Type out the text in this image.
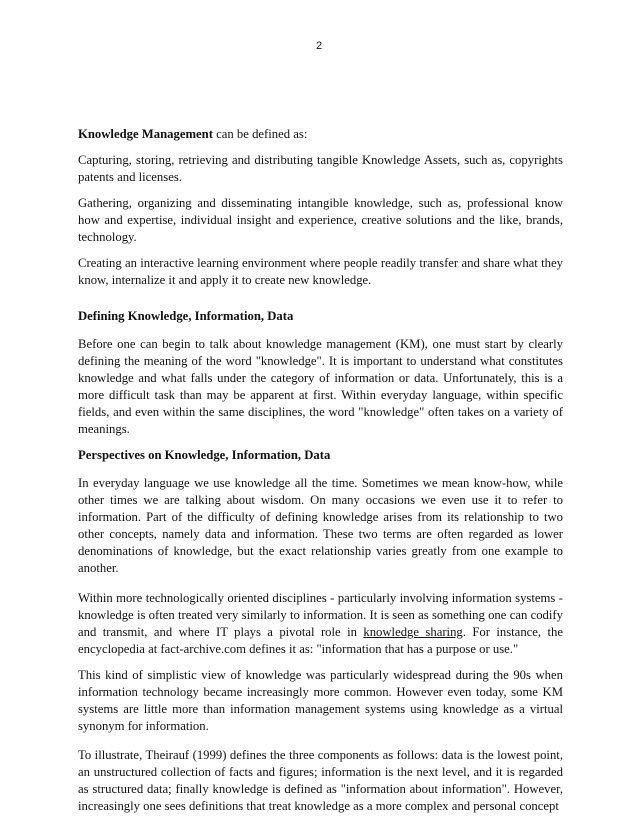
2

Knowledge Management can be defined as:

Capturing, storing, retrieving and distributing tangible Knowledge Assets, such as, copyrights patents and licenses.

Gathering, organizing and disseminating intangible knowledge, such as, professional know how and expertise, individual insight and experience, creative solutions and the like, brands, technology.

Creating an interactive learning environment where people readily transfer and share what they know, internalize it and apply it to create new knowledge.

Defining Knowledge, Information, Data

Before one can begin to talk about knowledge management (KM), one must start by clearly defining the meaning of the word "knowledge". It is important to understand what constitutes knowledge and what falls under the category of information or data. Unfortunately, this is a more difficult task than may be apparent at first. Within everyday language, within specific fields, and even within the same disciplines, the word "knowledge" often takes on a variety of meanings.

Perspectives on Knowledge, Information, Data

In everyday language we use knowledge all the time. Sometimes we mean know-how, while other times we are talking about wisdom. On many occasions we even use it to refer to information. Part of the difficulty of defining knowledge arises from its relationship to two other concepts, namely data and information. These two terms are often regarded as lower denominations of knowledge, but the exact relationship varies greatly from one example to another.

Within more technologically oriented disciplines - particularly involving information systems - knowledge is often treated very similarly to information. It is seen as something one can codify and transmit, and where IT plays a pivotal role in knowledge sharing. For instance, the encyclopedia at fact-archive.com defines it as: "information that has a purpose or use."

This kind of simplistic view of knowledge was particularly widespread during the 90s when information technology became increasingly more common. However even today, some KM systems are little more than information management systems using knowledge as a virtual synonym for information.

To illustrate, Theirauf (1999) defines the three components as follows: data is the lowest point, an unstructured collection of facts and figures; information is the next level, and it is regarded as structured data; finally knowledge is defined as "information about information". However, increasingly one sees definitions that treat knowledge as a more complex and personal concept
